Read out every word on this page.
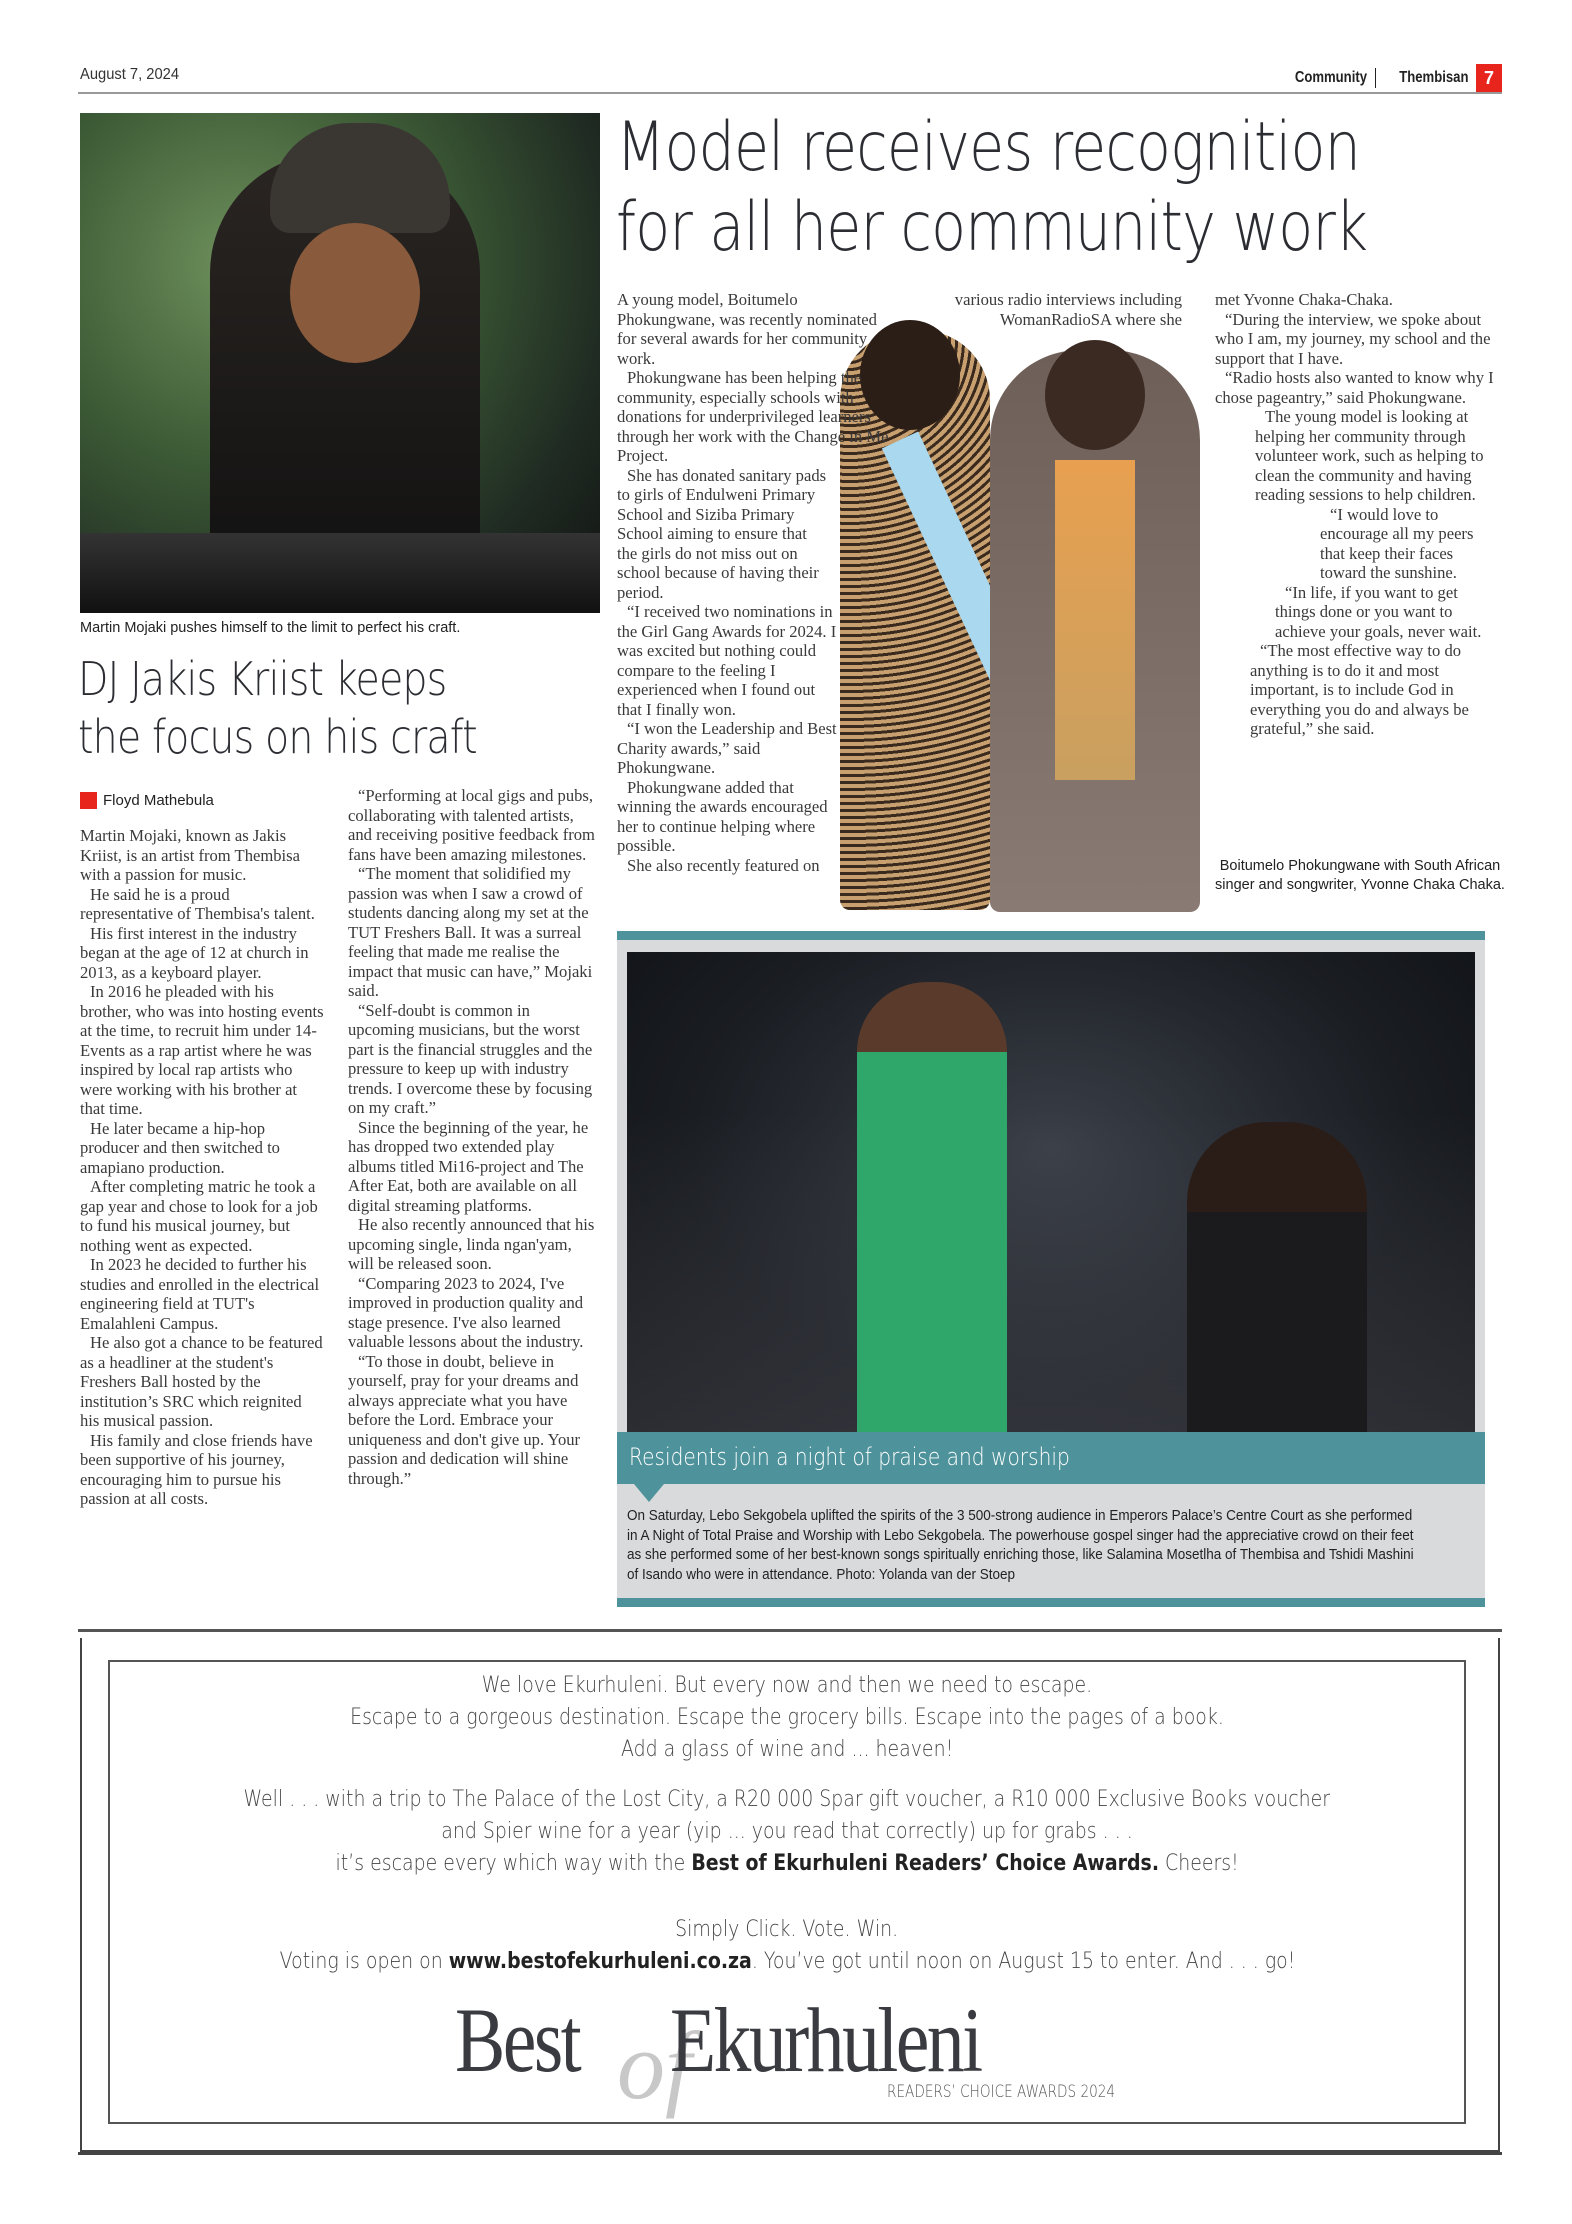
August 7, 2024	Community Thembisan 7
Martin Mojaki pushes himself to the limit to perfect his craft.
DJ Jakis Kriist keeps
the focus on his craft
Floyd Mathebula

Martin Mojaki, known as Jakis Kriist, is an artist from Thembisa with a passion for music.

He said he is a proud representative of Thembisa's talent.

His first interest in the industry began at the age of 12 at church in 2013, as a keyboard player.

In 2016 he pleaded with his brother, who was into hosting events at the time, to recruit him under 14-Events as a rap artist where he was inspired by local rap artists who were working with his brother at that time.

He later became a hip-hop producer and then switched to amapiano production.

After completing matric he took a gap year and chose to look for a job to fund his musical journey, but nothing went as expected.

In 2023 he decided to further his studies and enrolled in the electrical engineering field at TUT's Emalahleni Campus.

He also got a chance to be featured as a headliner at the student's Freshers Ball hosted by the institution’s SRC which reignited his musical passion.

His family and close friends have been supportive of his journey, encouraging him to pursue his passion at all costs.

“Performing at local gigs and pubs, collaborating with talented artists, and receiving positive feedback from fans have been amazing milestones.

“The moment that solidified my passion was when I saw a crowd of students dancing along my set at the TUT Freshers Ball. It was a surreal feeling that made me realise the impact that music can have,” Mojaki said.

“Self-doubt is common in upcoming musicians, but the worst part is the financial struggles and the pressure to keep up with industry trends. I overcome these by focusing on my craft.”

Since the beginning of the year, he has dropped two extended play albums titled Mi16-project and The After Eat, both are available on all digital streaming platforms.

He also recently announced that his upcoming single, linda ngan'yam, will be released soon.

“Comparing 2023 to 2024, I've improved in production quality and stage presence. I've also learned valuable lessons about the industry.

“To those in doubt, believe in yourself, pray for your dreams and always appreciate what you have before the Lord. Embrace your uniqueness and don't give up. Your passion and dedication will shine through.”

Model receives recognition
for all her community work

A young model, Boitumelo Phokungwane, was recently nominated for several awards for her community work.

Phokungwane has been helping the community, especially schools with donations for underprivileged learners through her work with the Change in Me Project.

She has donated sanitary pads to girls of Endulweni Primary School and Siziba Primary School aiming to ensure that the girls do not miss out on school because of having their period.

“I received two nominations in the Girl Gang Awards for 2024. I was excited but nothing could compare to the feeling I experienced when I found out that I finally won.

“I won the Leadership and Best Charity awards,” said Phokungwane.

Phokungwane added that winning the awards encouraged her to continue helping where possible.

She also recently featured on

various radio interviews including
WomanRadioSA where she

met Yvonne Chaka-Chaka.

“During the interview, we spoke about who I am, my journey, my school and the support that I have.

“Radio hosts also wanted to know why I chose pageantry,” said Phokungwane.

The young model is looking at helping her community through volunteer work, such as helping to clean the community and having reading sessions to help children.

“I would love to encourage all my peers that keep their faces toward the sunshine.

“In life, if you want to get things done or you want to achieve your goals, never wait.

“The most effective way to do anything is to do it and most important, is to include God in everything you do and always be grateful,” she said.

Boitumelo Phokungwane with South African singer and songwriter, Yvonne Chaka Chaka.
Residents join a night of praise and worship
On Saturday, Lebo Sekgobela uplifted the spirits of the 3 500-strong audience in Emperors Palace’s Centre Court as she performed in A Night of Total Praise and Worship with Lebo Sekgobela. The powerhouse gospel singer had the appreciative crowd on their feet as she performed some of her best-known songs spiritually enriching those, like Salamina Mosetlha of Thembisa and Tshidi Mashini of Isando who were in attendance. Photo: Yolanda van der Stoep
We love Ekurhuleni. But every now and then we need to escape.
Escape to a gorgeous destination. Escape the grocery bills. Escape into the pages of a book.
Add a glass of wine and ... heaven!
Well . . . with a trip to The Palace of the Lost City, a R20 000 Spar gift voucher, a R10 000 Exclusive Books voucher
and Spier wine for a year (yip ... you read that correctly) up for grabs . . .
it’s escape every which way with the Best of Ekurhuleni Readers’ Choice Awards. Cheers!
Simply Click. Vote. Win.
Voting is open on www.bestofekurhuleni.co.za. You’ve got until noon on August 15 to enter. And . . . go!
Best of
Ekurhuleni
READERS’ CHOICE AWARDS 2024
